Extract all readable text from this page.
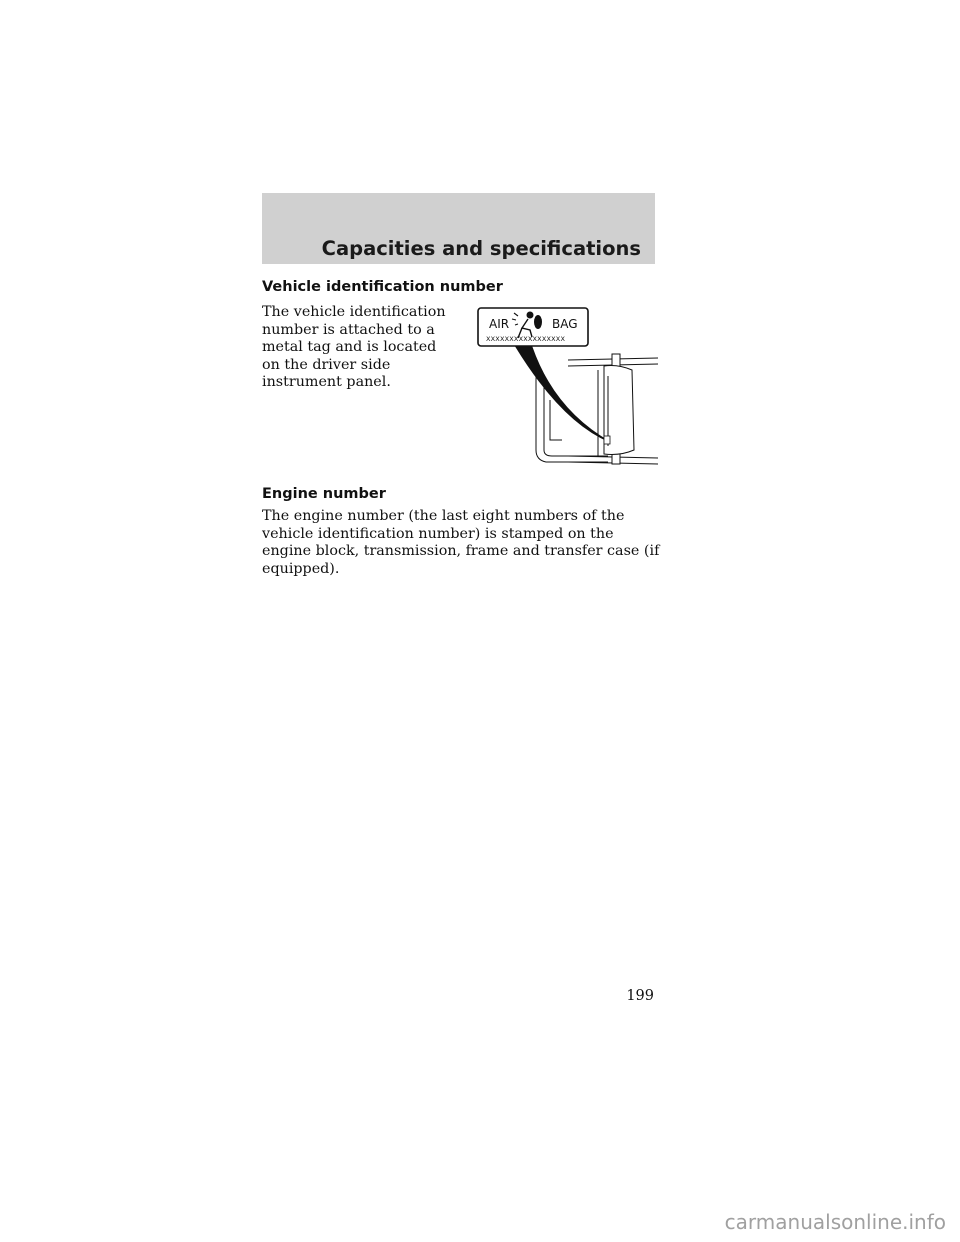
Capacities and specifications
Vehicle identification number
The vehicle identification number is attached to a metal tag and is located on the driver side instrument panel.
AIR	BAG
XXXXXXXXXXXXXXXXX
Engine number
The engine number (the last eight numbers of the vehicle identification number) is stamped on the engine block, transmission, frame and transfer case (if equipped).
199
carmanualsonline.info
